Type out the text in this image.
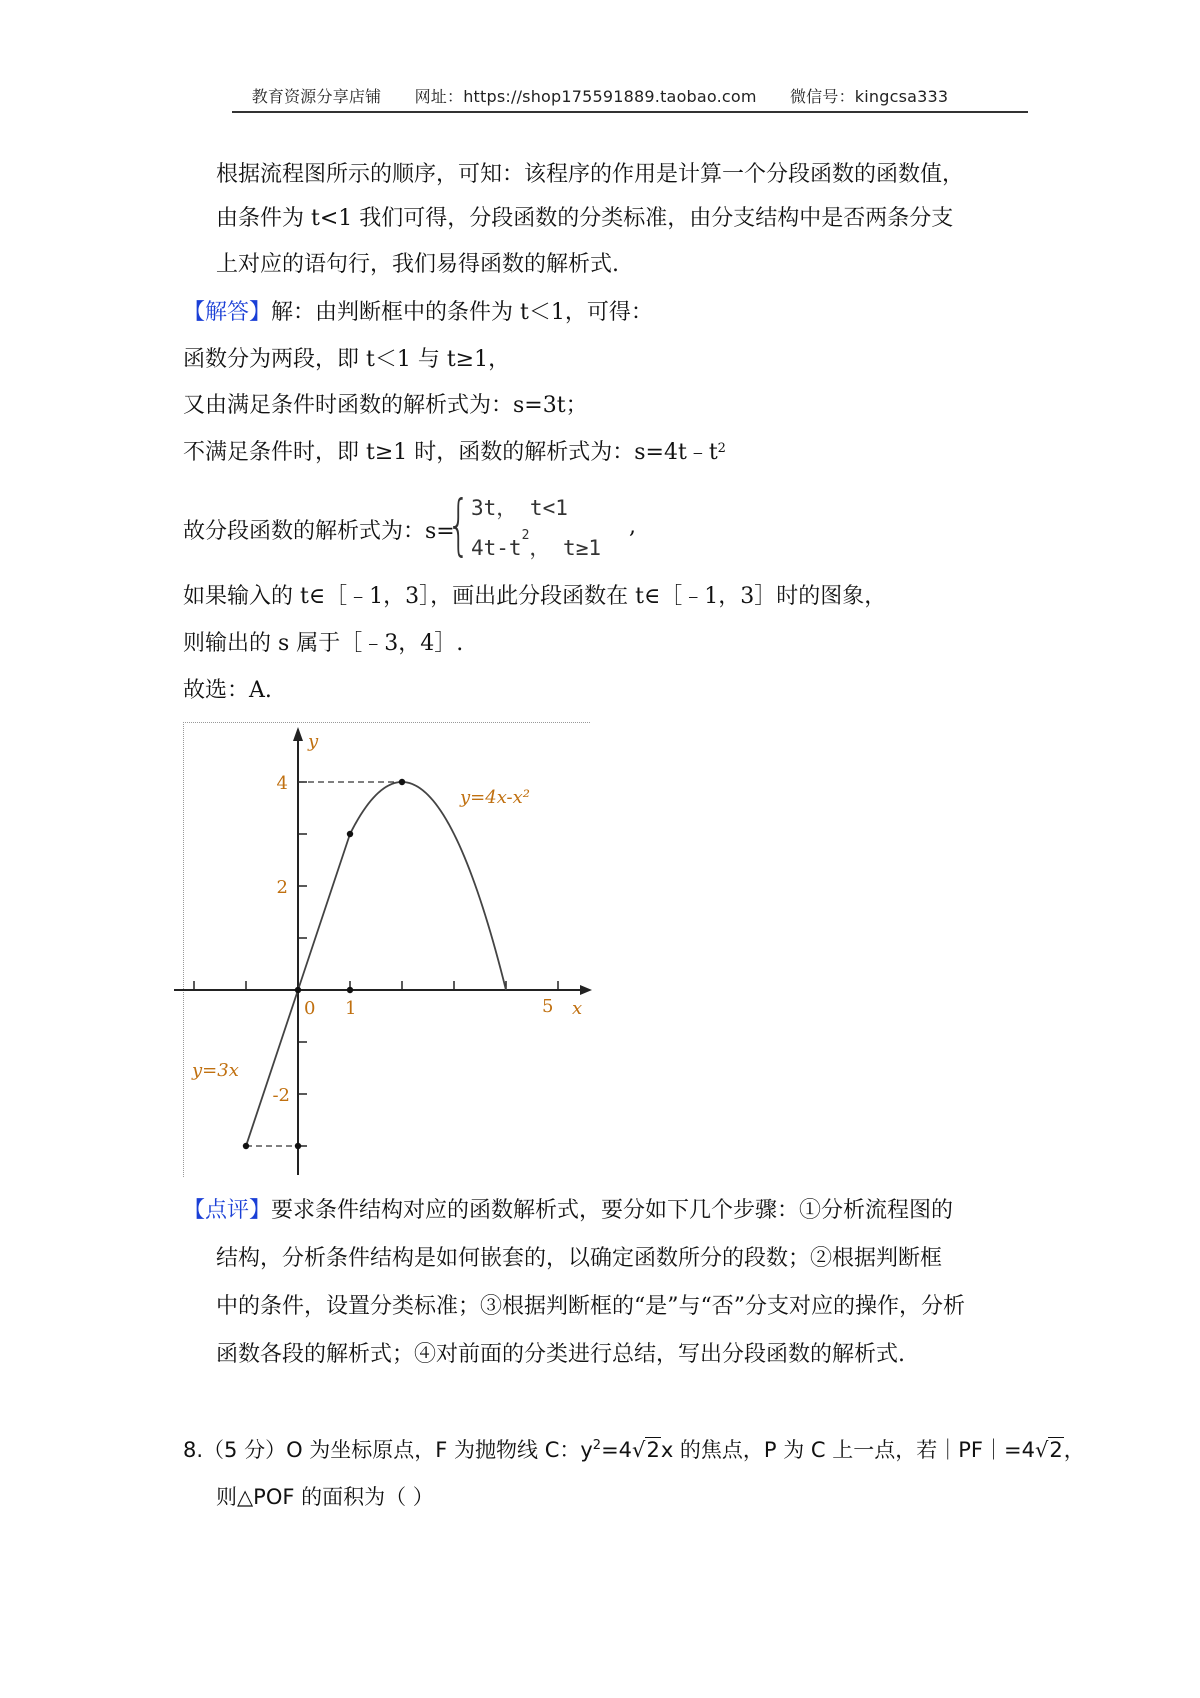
教育资源分享店铺 网址：https://shop175591889.taobao.com 微信号：kingcsa333
根据流程图所示的顺序，可知：该程序的作用是计算一个分段函数的函数值，
由条件为 t<1 我们可得，分段函数的分类标准，由分支结构中是否两条分支
上对应的语句行，我们易得函数的解析式.
【解答】解：由判断框中的条件为 t＜1，可得：
函数分为两段，即 t＜1 与 t≥1，
又由满足条件时函数的解析式为：s=3t；
不满足条件时，即 t≥1 时，函数的解析式为：$s=4t﹣t^2$
故分段函数的解析式为：s=
{ 3t， t<1
$4t-t^2$， t≥1
,
如果输入的 t∈［﹣1，3］，画出此分段函数在 t∈［﹣1，3］时的图象，
则输出的 s 属于［﹣3，4］.
故选：A.
y
x
0 1	5
4
2
-2
y=4x-x²
y=3x
【点评】要求条件结构对应的函数解析式，要分如下几个步骤：①分析流程图的
结构，分析条件结构是如何嵌套的，以确定函数所分的段数；②根据判断框
中的条件，设置分类标准；③根据判断框的“是”与“否”分支对应的操作，分析
函数各段的解析式；④对前面的分类进行总结，写出分段函数的解析式.
8.（5 分）O 为坐标原点，F 为抛物线 C：$y^2=4√2x$ 的焦点，P 为 C 上一点，若｜PF｜=4√2，
则△POF 的面积为（ ）
